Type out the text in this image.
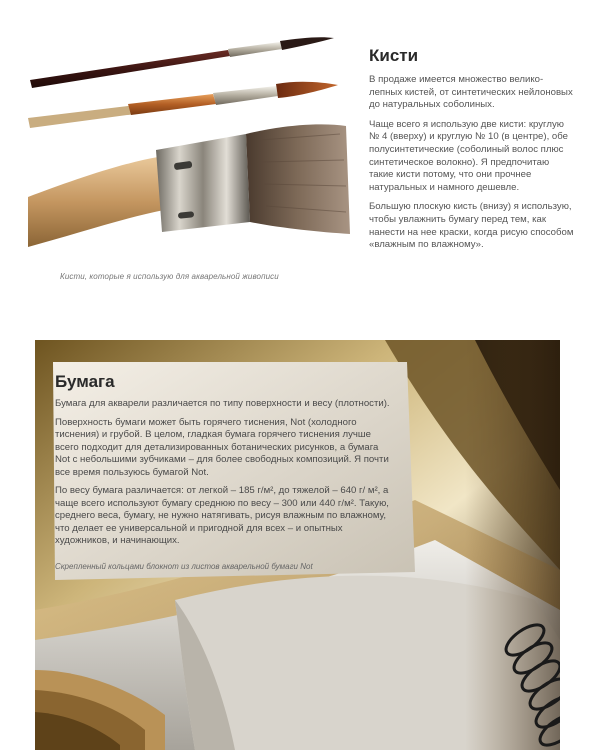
Кисти, которые я использую для акварельной живописи
Кисти

В продаже имеется множество велико-лепных кистей, от синтетических нейлоновых до натуральных соболиных.

Чаще всего я использую две кисти: круглую № 4 (вверху) и круглую № 10 (в центре), обе полусинтетические (соболиный волос плюс синтетическое волокно). Я предпочитаю такие кисти потому, что они прочнее натуральных и намного дешевле.

Большую плоскую кисть (внизу) я использую, чтобы увлажнить бумагу перед тем, как нанести на нее краски, когда рисую способом «влажным по влажному».

Бумага

Бумага для акварели различается по типу поверхности и весу (плотности).

Поверхность бумаги может быть горячего тиснения, Not (холодного тиснения) и грубой. В целом, гладкая бумага горячего тиснения лучше всего подходит для детализированных ботанических рисунков, а бумага Not с небольшими зубчиками – для более свободных композиций. Я почти все время пользуюсь бумагой Not.

По весу бумага различается: от легкой – 185 г/м², до тяжелой – 640 г/ м², а чаще всего используют бумагу среднюю по весу – 300 или 440 г/м². Такую, среднего веса, бумагу, не нужно натягивать, рисуя влажным по влажному, что делает ее универсальной и пригодной для всех – и опытных художников, и начинающих.

Скрепленный кольцами блокнот из листов акварельной бумаги Not
